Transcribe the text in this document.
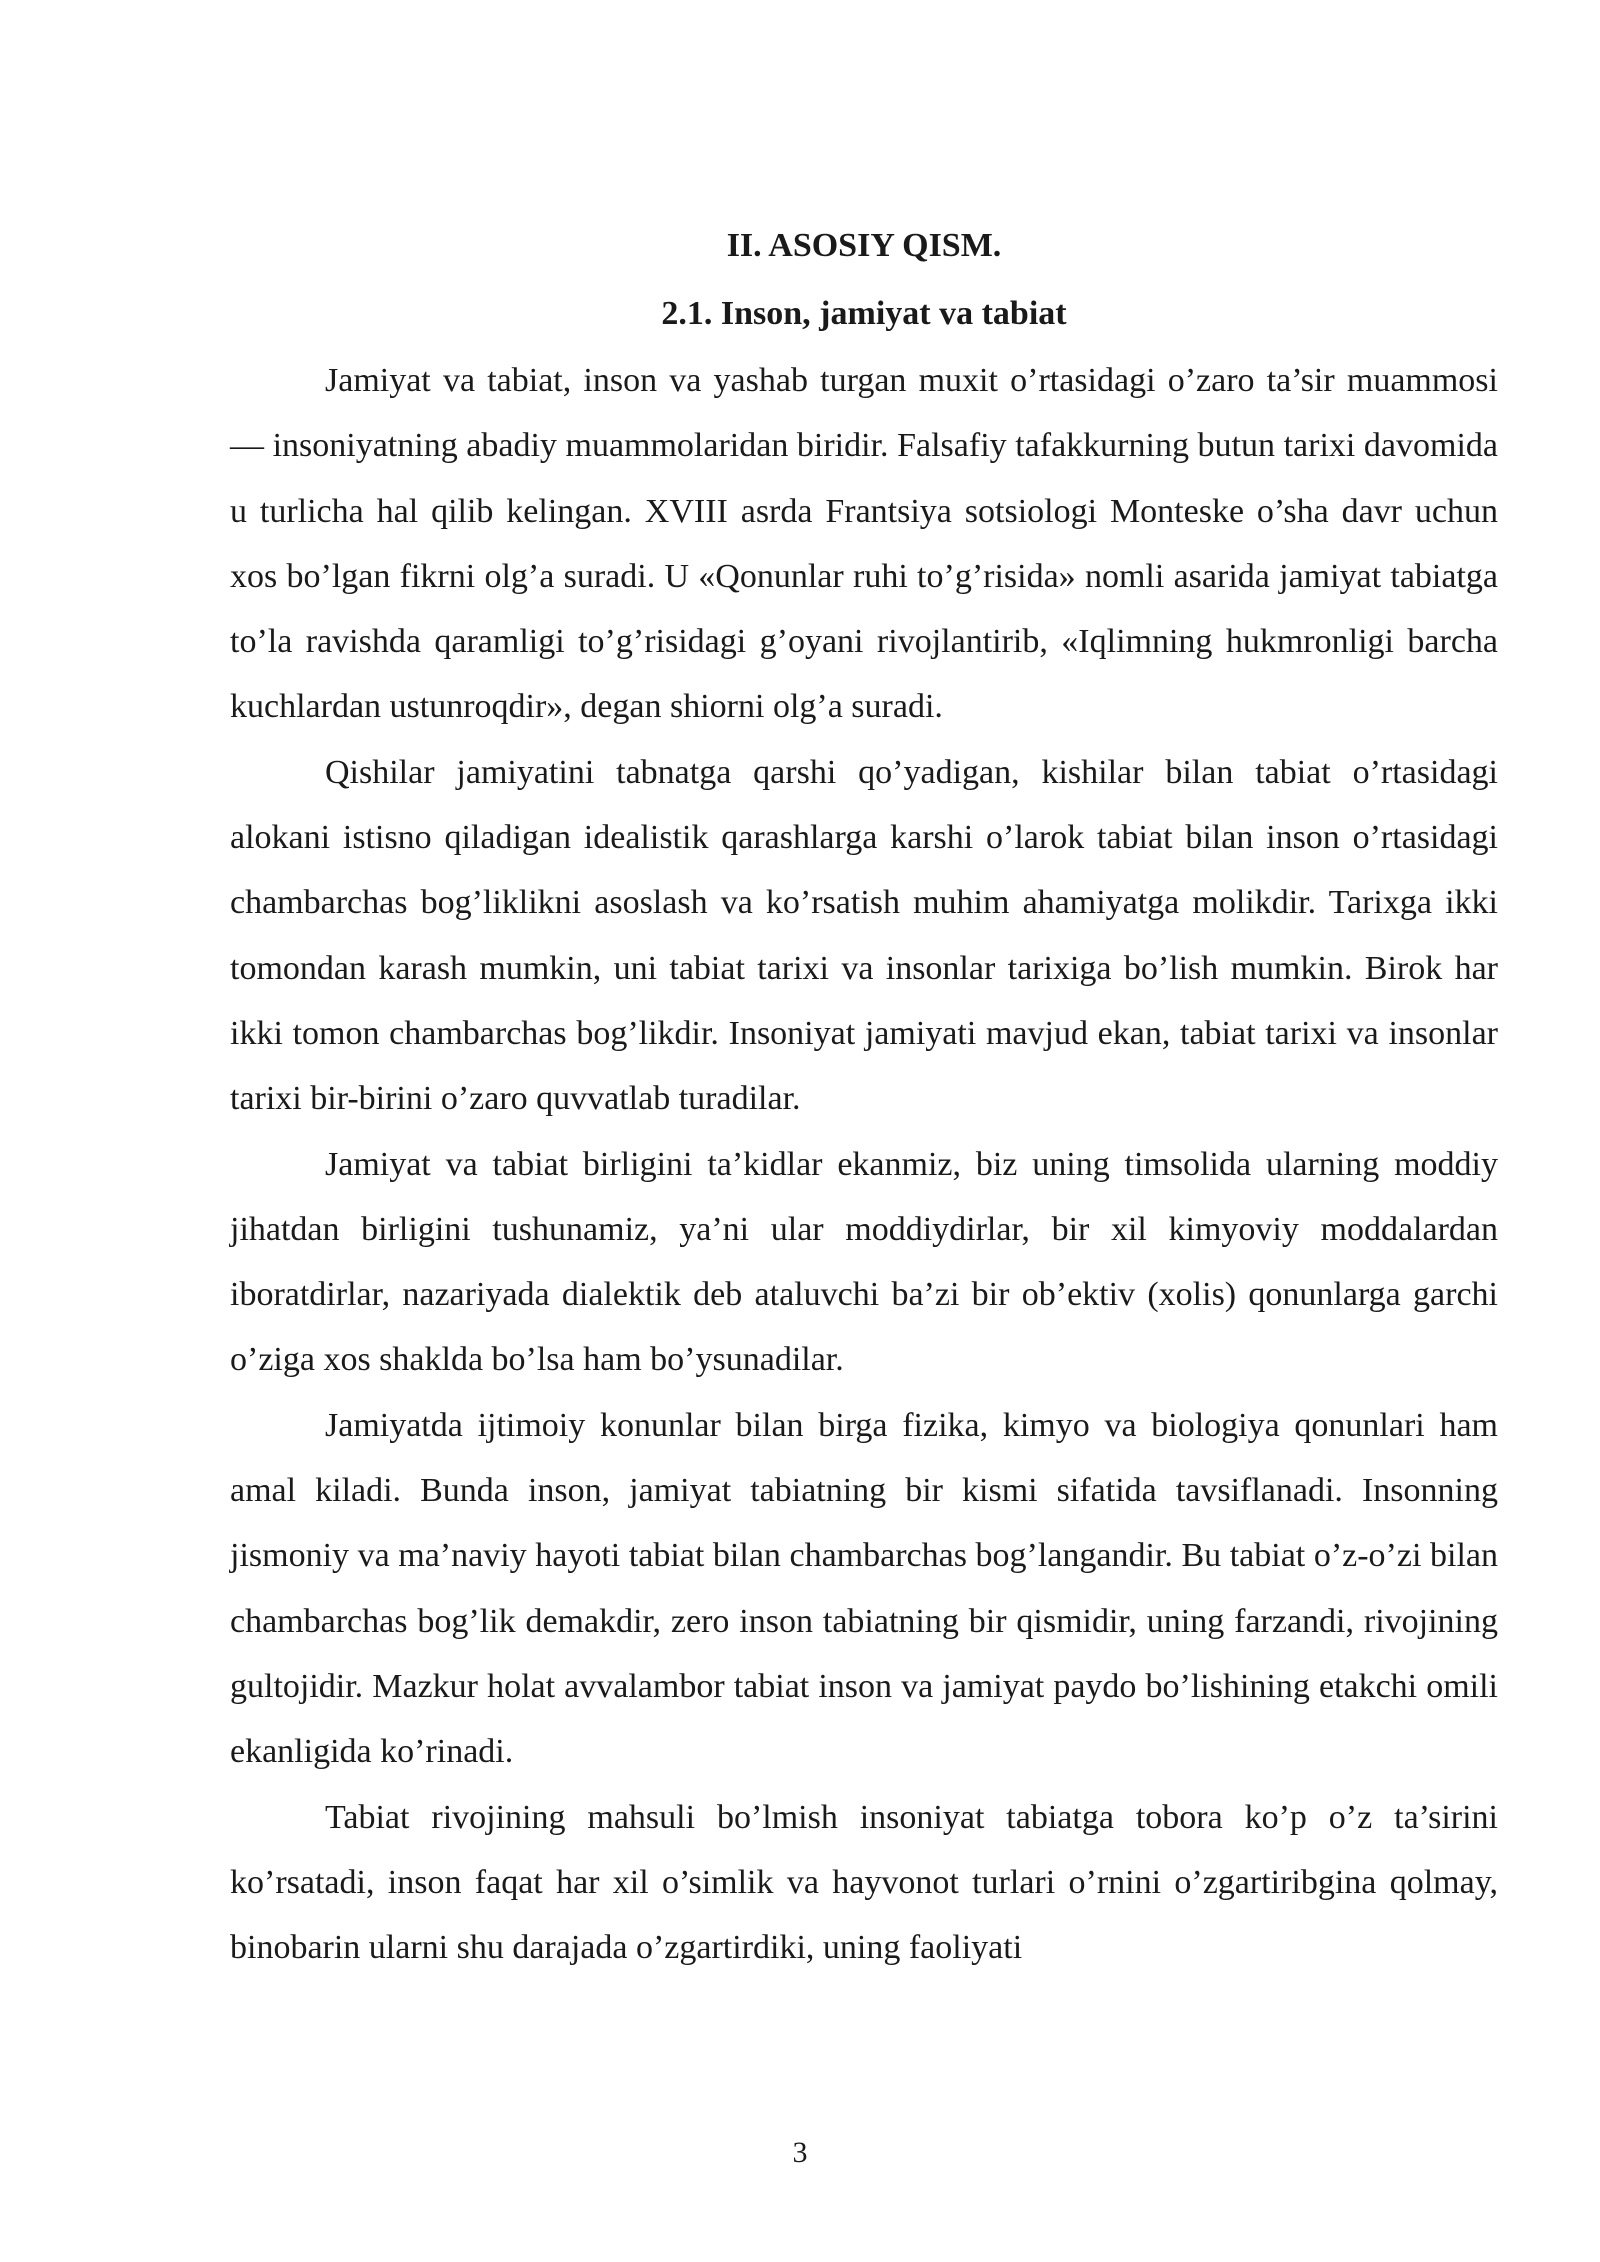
II. ASOSIY QISM.
2.1. Inson, jamiyat va tabiat

Jamiyat va tabiat, inson va yashab turgan muxit o’rtasidagi o’zaro ta’sir muammosi — insoniyatning abadiy muammolaridan biridir. Falsafiy tafakkurning butun tarixi davomida u turlicha hal qilib kelingan. XVIII asrda Frantsiya sotsiologi Monteske o’sha davr uchun xos bo’lgan fikrni olg’a suradi. U «Qonunlar ruhi to’g’risida» nomli asarida jamiyat tabiatga to’la ravishda qaramligi to’g’risidagi g’oyani rivojlantirib, «Iqlimning hukmronligi barcha kuchlardan ustunroqdir», degan shiorni olg’a suradi.

Qishilar jamiyatini tabnatga qarshi qo’yadigan, kishilar bilan tabiat o’rtasidagi alokani istisno qiladigan idealistik qarashlarga karshi o’larok tabiat bilan inson o’rtasidagi chambarchas bog’liklikni asoslash va ko’rsatish muhim ahamiyatga molikdir. Tarixga ikki tomondan karash mumkin, uni tabiat tarixi va insonlar tarixiga bo’lish mumkin. Birok har ikki tomon chambarchas bog’likdir. Insoniyat jamiyati mavjud ekan, tabiat tarixi va insonlar tarixi bir-birini o’zaro quvvatlab turadilar.

Jamiyat va tabiat birligini ta’kidlar ekanmiz, biz uning timsolida ularning moddiy jihatdan birligini tushunamiz, ya’ni ular moddiydirlar, bir xil kimyoviy moddalardan iboratdirlar, nazariyada dialektik deb ataluvchi ba’zi bir ob’ektiv (xolis) qonunlarga garchi o’ziga xos shakldа bo’lsa ham bo’ysunadilar.

Jamiyatda ijtimoiy konunlar bilan birga fizika, kimyo va biologiya qonunlari ham amal kiladi. Bunda inson, jamiyat tabiatning bir kismi sifatida tavsiflanadi. Insonning jismoniy va ma’naviy hayoti tabiat bilan chambarchas bog’langandir. Bu tabiat o’z-o’zi bilan chambarchas bog’lik demakdir, zero inson tabiatning bir qismidir, uning farzandi, rivojining gultojidir. Mazkur holat avvalambor tabiat inson va jamiyat paydo bo’lishining etakchi omili ekanligida ko’rinadi.

Tabiat rivojining mahsuli bo’lmish insoniyat tabiatga tobora ko’p o’z ta’sirini ko’rsatadi, inson faqat har xil o’simlik va hayvonot turlari o’rnini o’zgartiribgina qolmay, binobarin ularni shu darajada o’zgartirdiki, uning faoliyati

3
